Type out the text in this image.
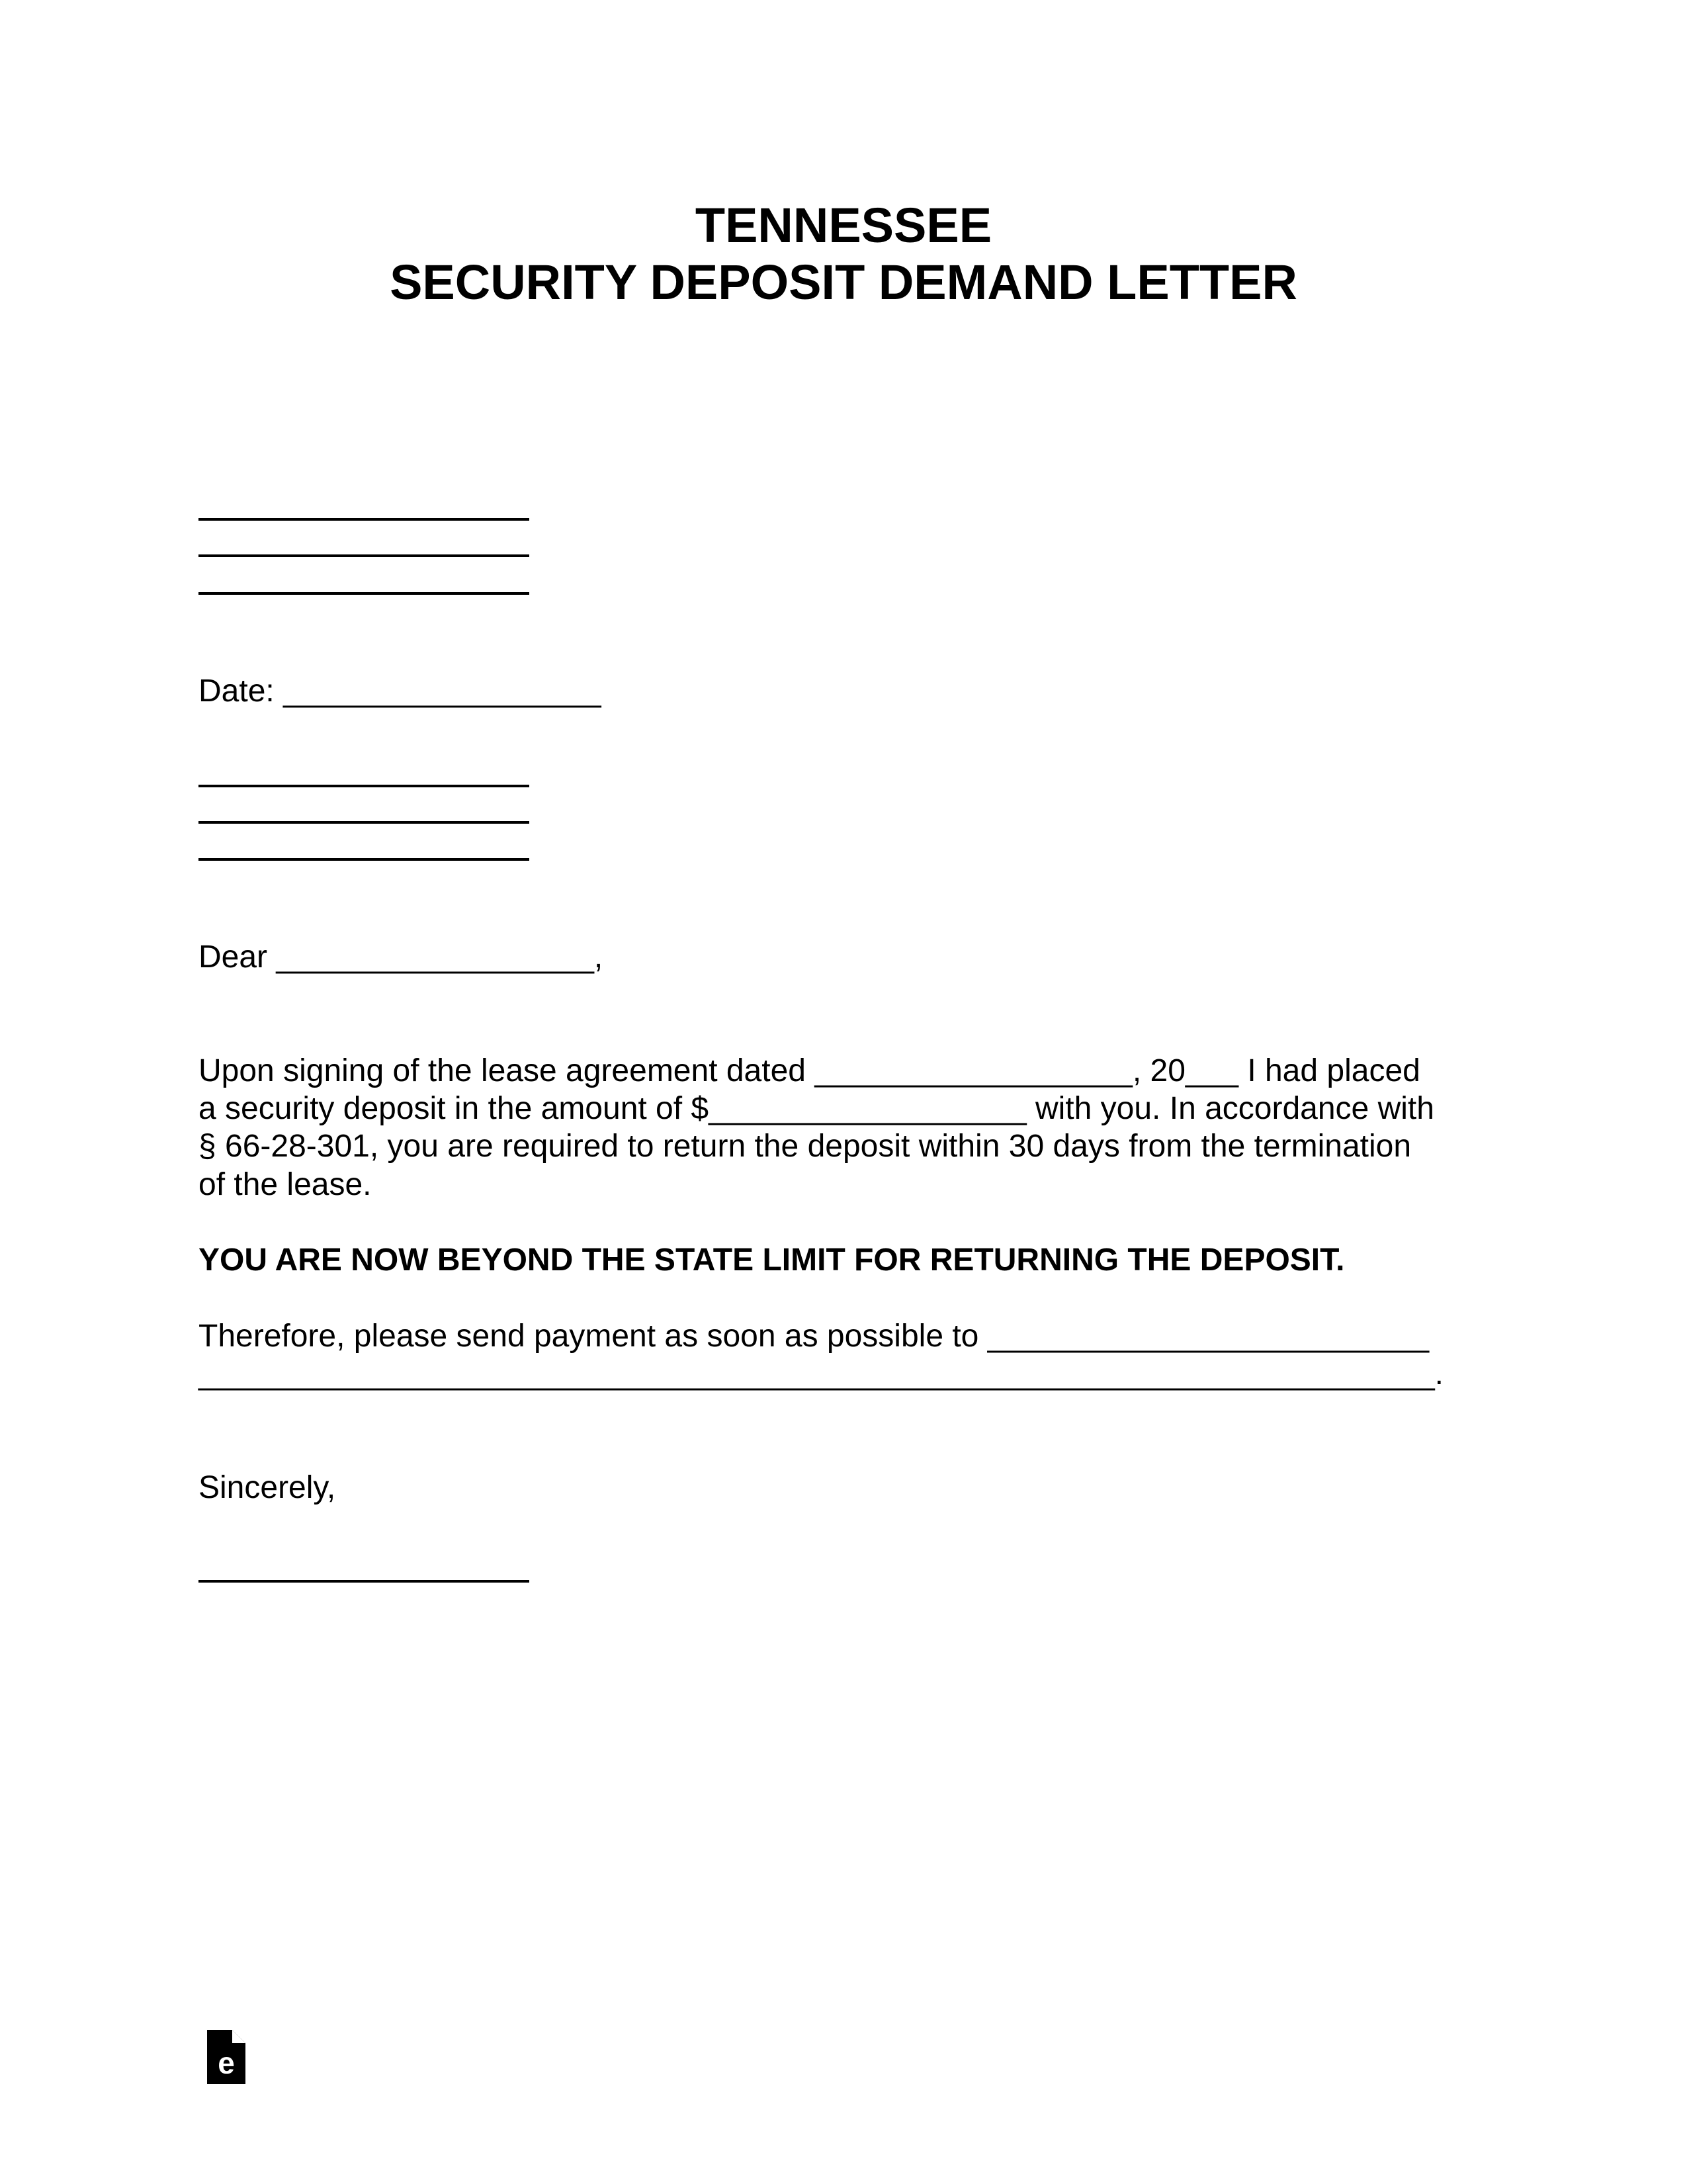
TENNESSEE
SECURITY DEPOSIT DEMAND LETTER
Date: __________________
Dear __________________,
Upon signing of the lease agreement dated __________________, 20___ I had placed
a security deposit in the amount of $__________________ with you. In accordance with
§ 66-28-301, you are required to return the deposit within 30 days from the termination
of the lease.
YOU ARE NOW BEYOND THE STATE LIMIT FOR RETURNING THE DEPOSIT.
Therefore, please send payment as soon as possible to _________________________
______________________________________________________________________.
Sincerely,
e
